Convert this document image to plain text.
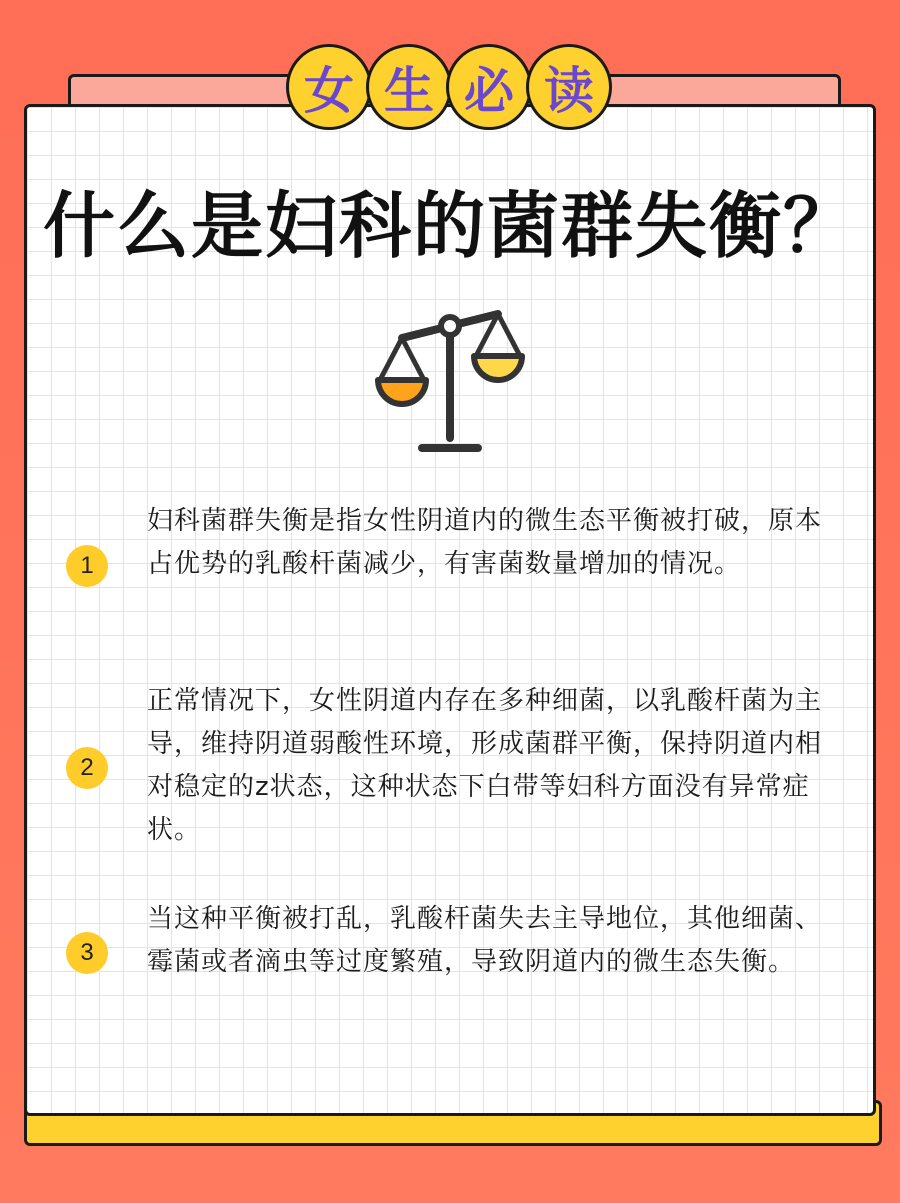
女 生 必 读
什么是妇科的菌群失衡？
1

妇科菌群失衡是指女性阴道内的微生态平衡被打破，原本占优势的乳酸杆菌减少，有害菌数量增加的情况。

2

正常情况下，女性阴道内存在多种细菌，以乳酸杆菌为主导，维持阴道弱酸性环境，形成菌群平衡，保持阴道内相对稳定的z状态，这种状态下白带等妇科方面没有异常症状。

3

当这种平衡被打乱，乳酸杆菌失去主导地位，其他细菌、霉菌或者滴虫等过度繁殖，导致阴道内的微生态失衡。
